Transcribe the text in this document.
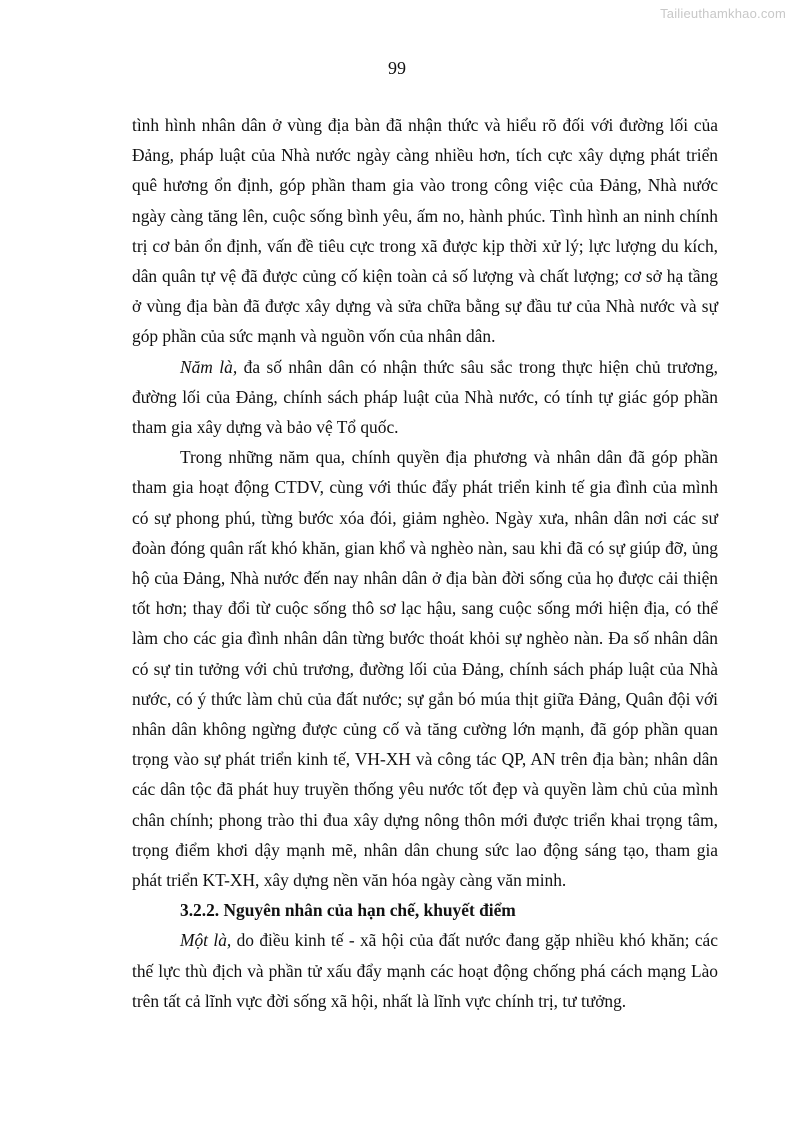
Tailieuthamkhao.com
99

tình hình nhân dân ở vùng địa bàn đã nhận thức và hiểu rõ đối với đường lối của Đảng, pháp luật của Nhà nước ngày càng nhiều hơn, tích cực xây dựng phát triển quê hương ổn định, góp phần tham gia vào trong công việc của Đảng, Nhà nước ngày càng tăng lên, cuộc sống bình yêu, ấm no, hành phúc. Tình hình an ninh chính trị cơ bản ổn định, vấn đề tiêu cực trong xã được kịp thời xử lý; lực lượng du kích, dân quân tự vệ đã được củng cố kiện toàn cả số lượng và chất lượng; cơ sở hạ tầng ở vùng địa bàn đã được xây dựng và sửa chữa bằng sự đầu tư của Nhà nước và sự góp phần của sức mạnh và nguồn vốn của nhân dân.

Năm là, đa số nhân dân có nhận thức sâu sắc trong thực hiện chủ trương, đường lối của Đảng, chính sách pháp luật của Nhà nước, có tính tự giác góp phần tham gia xây dựng và bảo vệ Tổ quốc.

Trong những năm qua, chính quyền địa phương và nhân dân đã góp phần tham gia hoạt động CTDV, cùng với thúc đẩy phát triển kinh tế gia đình của mình có sự phong phú, từng bước xóa đói, giảm nghèo. Ngày xưa, nhân dân nơi các sư đoàn đóng quân rất khó khăn, gian khổ và nghèo nàn, sau khi đã có sự giúp đỡ, ủng hộ của Đảng, Nhà nước đến nay nhân dân ở địa bàn đời sống của họ được cải thiện tốt hơn; thay đổi từ cuộc sống thô sơ lạc hậu, sang cuộc sống mới hiện địa, có thể làm cho các gia đình nhân dân từng bước thoát khỏi sự nghèo nàn. Đa số nhân dân có sự tin tưởng với chủ trương, đường lối của Đảng, chính sách pháp luật của Nhà nước, có ý thức làm chủ của đất nước; sự gắn bó múa thịt giữa Đảng, Quân đội với nhân dân không ngừng được củng cố và tăng cường lớn mạnh, đã góp phần quan trọng vào sự phát triển kinh tế, VH-XH và công tác QP, AN trên địa bàn; nhân dân các dân tộc đã phát huy truyền thống yêu nước tốt đẹp và quyền làm chủ của mình chân chính; phong trào thi đua xây dựng nông thôn mới được triển khai trọng tâm, trọng điểm khơi dậy mạnh mẽ, nhân dân chung sức lao động sáng tạo, tham gia phát triển KT-XH, xây dựng nền văn hóa ngày càng văn minh.

3.2.2. Nguyên nhân của hạn chế, khuyết điểm

Một là, do điều kinh tế - xã hội của đất nước đang gặp nhiều khó khăn; các thế lực thù địch và phần tử xấu đẩy mạnh các hoạt động chống phá cách mạng Lào trên tất cả lĩnh vực đời sống xã hội, nhất là lĩnh vực chính trị, tư tưởng.
